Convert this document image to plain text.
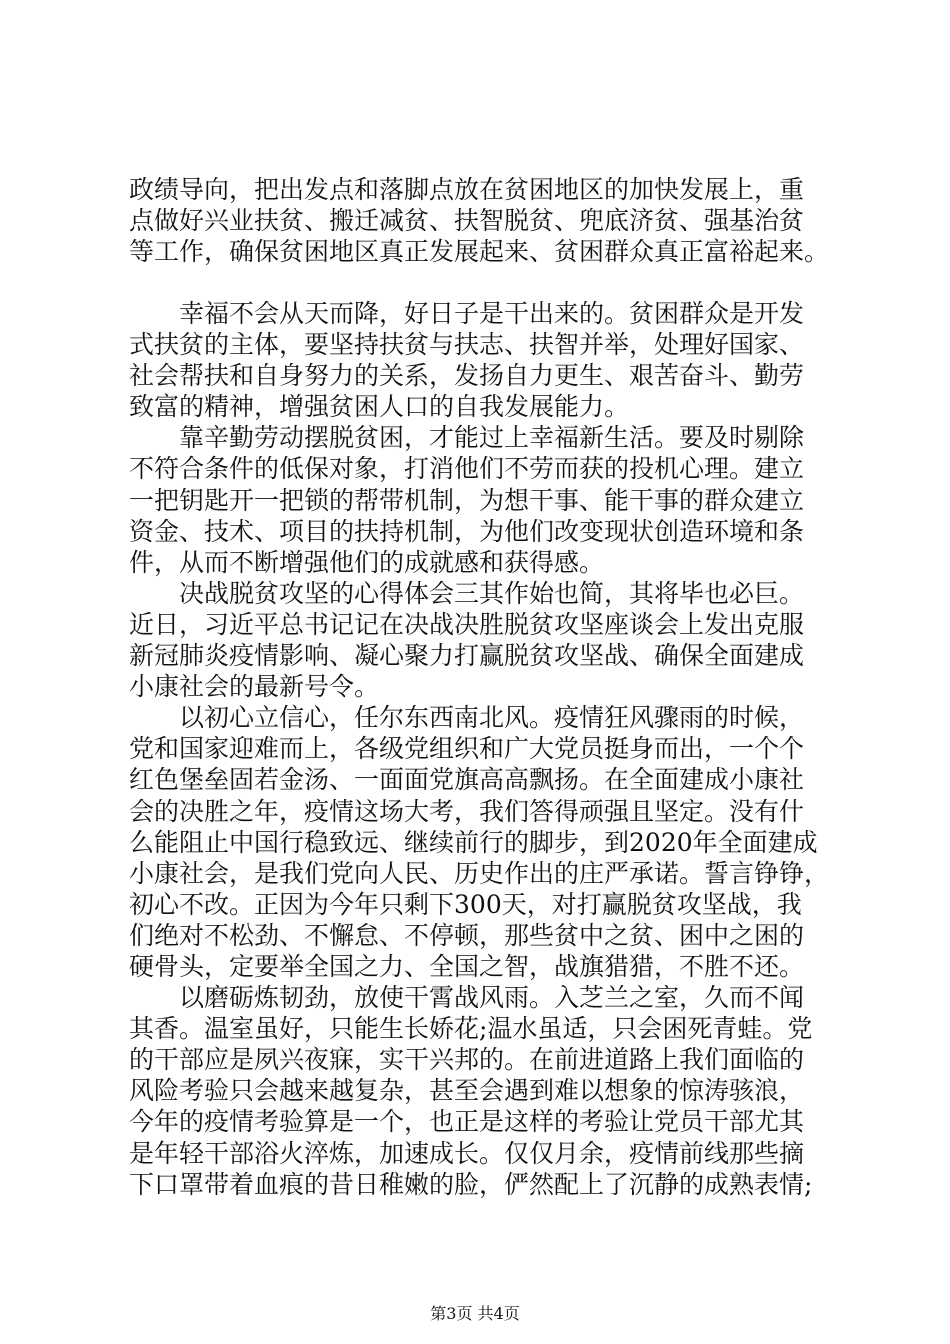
政绩导向，把出发点和落脚点放在贫困地区的加快发展上，重
点做好兴业扶贫、搬迁减贫、扶智脱贫、兜底济贫、强基治贫
等工作，确保贫困地区真正发展起来、贫困群众真正富裕起来。
　　幸福不会从天而降，好日子是干出来的。贫困群众是开发
式扶贫的主体，要坚持扶贫与扶志、扶智并举，处理好国家、
社会帮扶和自身努力的关系，发扬自力更生、艰苦奋斗、勤劳
致富的精神，增强贫困人口的自我发展能力。
　　靠辛勤劳动摆脱贫困，才能过上幸福新生活。要及时剔除
不符合条件的低保对象，打消他们不劳而获的投机心理。建立
一把钥匙开一把锁的帮带机制，为想干事、能干事的群众建立
资金、技术、项目的扶持机制，为他们改变现状创造环境和条
件，从而不断增强他们的成就感和获得感。
　　决战脱贫攻坚的心得体会三其作始也简，其将毕也必巨。
近日，习近平总书记记在决战决胜脱贫攻坚座谈会上发出克服
新冠肺炎疫情影响、凝心聚力打赢脱贫攻坚战、确保全面建成
小康社会的最新号令。
　　以初心立信心，任尔东西南北风。疫情狂风骤雨的时候，
党和国家迎难而上，各级党组织和广大党员挺身而出，一个个
红色堡垒固若金汤、一面面党旗高高飘扬。在全面建成小康社
会的决胜之年，疫情这场大考，我们答得顽强且坚定。没有什
么能阻止中国行稳致远、继续前行的脚步，到2020年全面建成
小康社会，是我们党向人民、历史作出的庄严承诺。誓言铮铮，
初心不改。正因为今年只剩下300天，对打赢脱贫攻坚战，我
们绝对不松劲、不懈怠、不停顿，那些贫中之贫、困中之困的
硬骨头，定要举全国之力、全国之智，战旗猎猎，不胜不还。
　　以磨砺炼韧劲，放使干霄战风雨。入芝兰之室，久而不闻
其香。温室虽好，只能生长娇花;温水虽适，只会困死青蛙。党
的干部应是夙兴夜寐，实干兴邦的。在前进道路上我们面临的
风险考验只会越来越复杂，甚至会遇到难以想象的惊涛骇浪，
今年的疫情考验算是一个，也正是这样的考验让党员干部尤其
是年轻干部浴火淬炼，加速成长。仅仅月余，疫情前线那些摘
下口罩带着血痕的昔日稚嫩的脸，俨然配上了沉静的成熟表情;
第3页 共4页
